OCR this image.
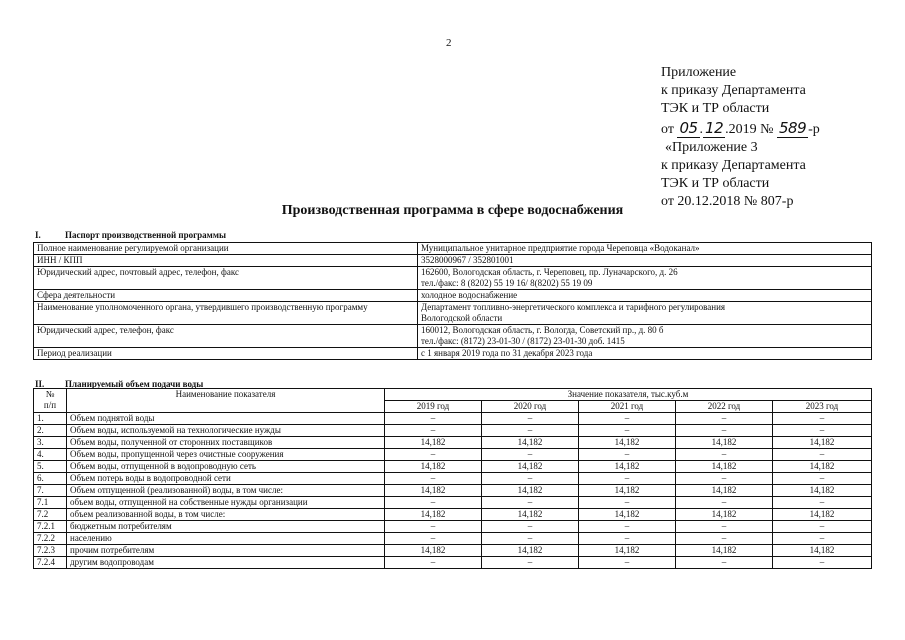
2
Приложение
к приказу Департамента
ТЭК и ТР области
от 05 . 12 .2019 № 589 -р
«Приложение 3
к приказу Департамента
ТЭК и ТР области
от 20.12.2018 № 807-р
Производственная программа в сфере водоснабжения
I.	Паспорт производственной программы
Полное наименование регулируемой организации	Муниципальное унитарное предприятие города Череповца «Водоканал»
ИНН / КПП	3528000967 / 352801001
Юридический адрес, почтовый адрес, телефон, факс	162600, Вологодская область, г. Череповец, пр. Луначарского, д. 26
тел./факс: 8 (8202) 55 19 16/ 8(8202) 55 19 09

Сфера деятельности	холодное водоснабжение
Наименование уполномоченного органа, утвердившего производственную программу	Департамент топливно-энергетического комплекса и тарифного регулирования
Вологодской области

Юридический адрес, телефон, факс	160012, Вологодская область, г. Вологда, Советский пр., д. 80 б
тел./факс: (8172) 23-01-30 / (8172) 23-01-30 доб. 1415

Период реализации	с 1 января 2019 года по 31 декабря 2023 года
II. Планируемый объем подачи воды
№
п/п	Наименование показателя	Значение показателя, тыс.куб.м				
		2019 год	2020 год	2021 год	2022 год	2023 год
1.	Объем поднятой воды	–	–	–	–	–
2.	Объем воды, используемой на технологические нужды	–	–	–	–	–
3.	Объем воды, полученной от сторонних поставщиков	14,182	14,182	14,182	14,182	14,182
4.	Объем воды, пропущенной через очистные сооружения	–	–	–	–	–
5.	Объем воды, отпущенной в водопроводную сеть	14,182	14,182	14,182	14,182	14,182
6.	Объем потерь воды в водопроводной сети	–	–	–	–	–
7.	Объем отпущенной (реализованной) воды, в том числе:	14,182	14,182	14,182	14,182	14,182
7.1	объем воды, отпущенной на собственные нужды организации	–	–	–	–	–
7.2	объем реализованной воды, в том числе:	14,182	14,182	14,182	14,182	14,182
7.2.1	бюджетным потребителям	–	–	–	–	–
7.2.2	населению	–	–	–	–	–
7.2.3	прочим потребителям	14,182	14,182	14,182	14,182	14,182
7.2.4	другим водопроводам	–	–	–	–	–
